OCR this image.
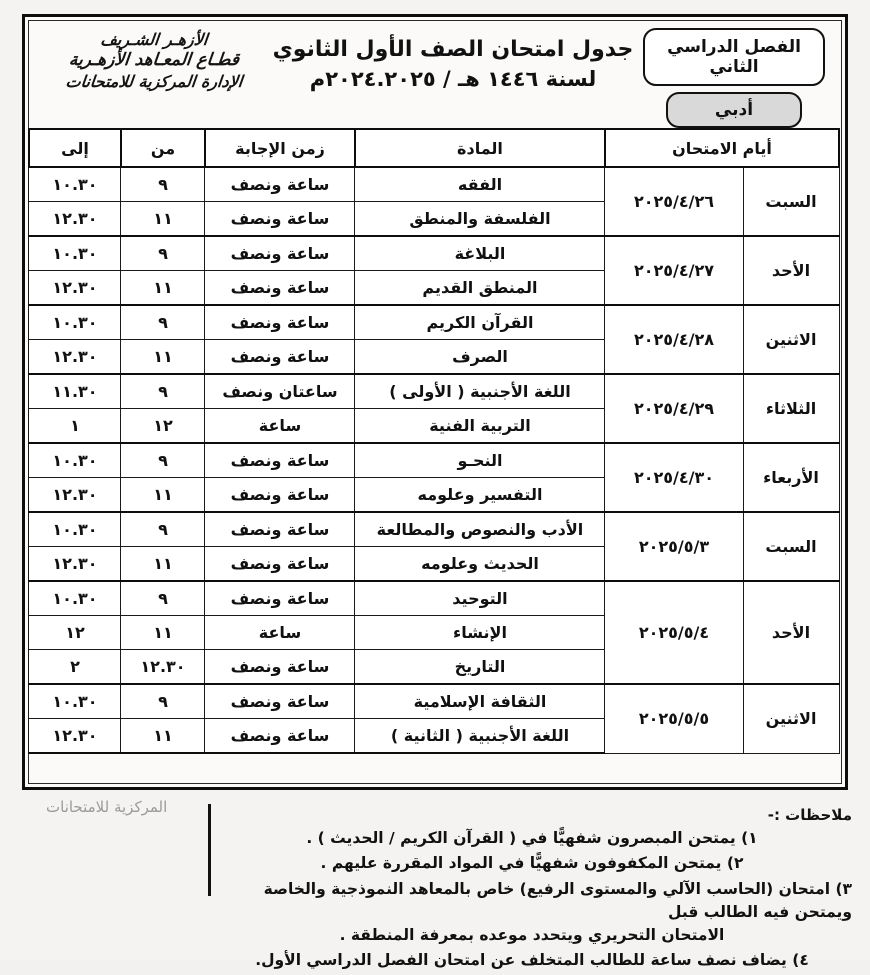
الأزهـر الشـريف
قطـاع المعـاهد الأزهـرية
الإدارة المركزية للامتحانات
جدول امتحان الصف الأول الثانوي
لسنة ١٤٤٦ هـ / ٢٠٢٤.٢٠٢٥م
الفصل الدراسي الثاني
أدبي
أيام الامتحان		المادة	زمن الإجابة	من	إلى
السبت	٢٠٢٥/٤/٢٦	الفقه	ساعة ونصف	٩	١٠.٣٠
		الفلسفة والمنطق	ساعة ونصف	١١	١٢.٣٠
الأحد	٢٠٢٥/٤/٢٧	البلاغة	ساعة ونصف	٩	١٠.٣٠
		المنطق القديم	ساعة ونصف	١١	١٢.٣٠
الاثنين	٢٠٢٥/٤/٢٨	القرآن الكريم	ساعة ونصف	٩	١٠.٣٠
		الصرف	ساعة ونصف	١١	١٢.٣٠
الثلاثاء	٢٠٢٥/٤/٢٩	اللغة الأجنبية ( الأولى )	ساعتان ونصف	٩	١١.٣٠
		التربية الفنية	ساعة	١٢	١
الأربعاء	٢٠٢٥/٤/٣٠	النحـو	ساعة ونصف	٩	١٠.٣٠
		التفسير وعلومه	ساعة ونصف	١١	١٢.٣٠
السبت	٢٠٢٥/٥/٣	الأدب والنصوص والمطالعة	ساعة ونصف	٩	١٠.٣٠
		الحديث وعلومه	ساعة ونصف	١١	١٢.٣٠
الأحد	٢٠٢٥/٥/٤	التوحيد	ساعة ونصف	٩	١٠.٣٠
		الإنشاء	ساعة	١١	١٢
		التاريخ	ساعة ونصف	١٢.٣٠	٢
الاثنين	٢٠٢٥/٥/٥	الثقافة الإسلامية	ساعة ونصف	٩	١٠.٣٠
		اللغة الأجنبية ( الثانية )	ساعة ونصف	١١	١٢.٣٠
المركزية للامتحانات	ملاحظات :-
١) يمتحن المبصرون شفهيًّا في ( القرآن الكريم / الحديث ) .
٢) يمتحن المكفوفون شفهيًّا في المواد المقررة عليهم .
٣) امتحان (الحاسب الآلي والمستوى الرفيع) خاص بالمعاهد النموذجية والخاصة ويمتحن فيه الطالب قبل
الامتحان التحريري ويتحدد موعده بمعرفة المنطقة .
٤) يضاف نصف ساعة للطالب المتخلف عن امتحان الفصل الدراسي الأول.
